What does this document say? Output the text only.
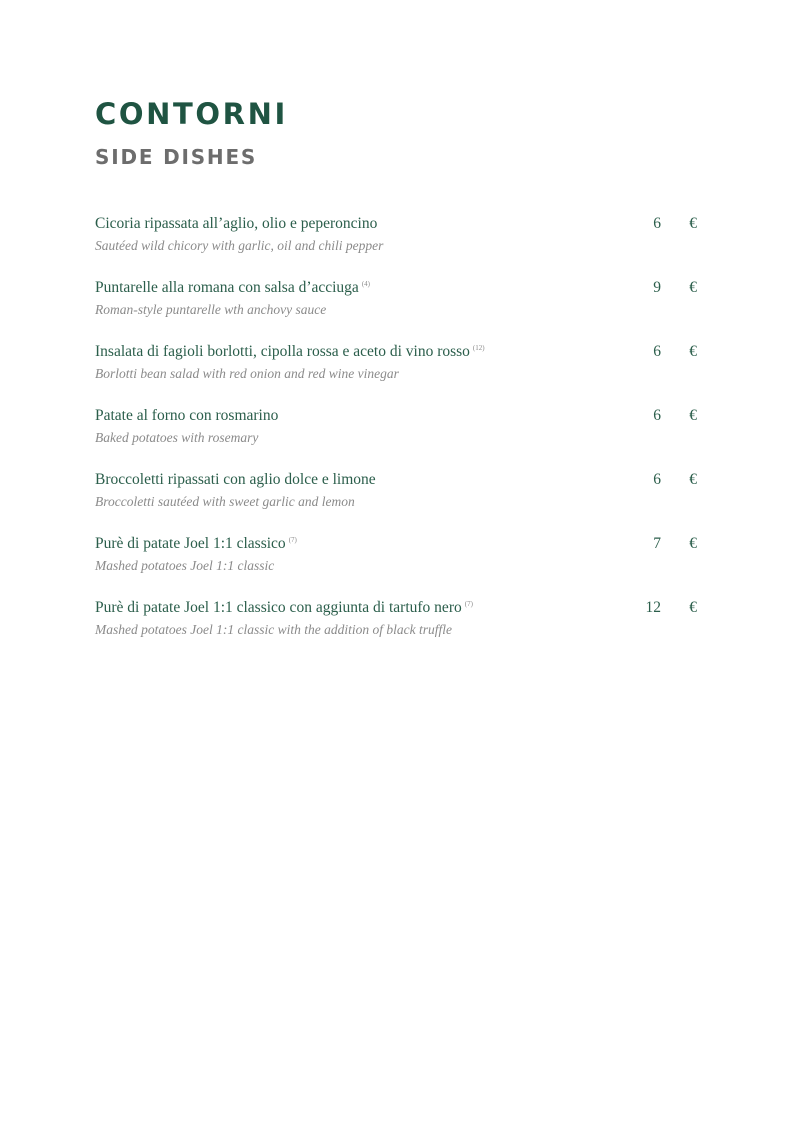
CONTORNI
SIDE DISHES
Cicoria ripassata all’aglio, olio e peperoncino
Sautéed wild chicory with garlic, oil and chili pepper
6 €
Puntarelle alla romana con salsa d’acciuga $^{(4)}$
Roman-style puntarelle wth anchovy sauce
9 €
Insalata di fagioli borlotti, cipolla rossa e aceto di vino rosso $^{(12)}$
Borlotti bean salad with red onion and red wine vinegar
6 €
Patate al forno con rosmarino
Baked potatoes with rosemary
6 €
Broccoletti ripassati con aglio dolce e limone
Broccoletti sautéed with sweet garlic and lemon
6 €
Purè di patate Joel 1:1 classico $^{(7)}$
Mashed potatoes Joel 1:1 classic
7 €
Purè di patate Joel 1:1 classico con aggiunta di tartufo nero $^{(7)}$
Mashed potatoes Joel 1:1 classic with the addition of black truffle
12 €
